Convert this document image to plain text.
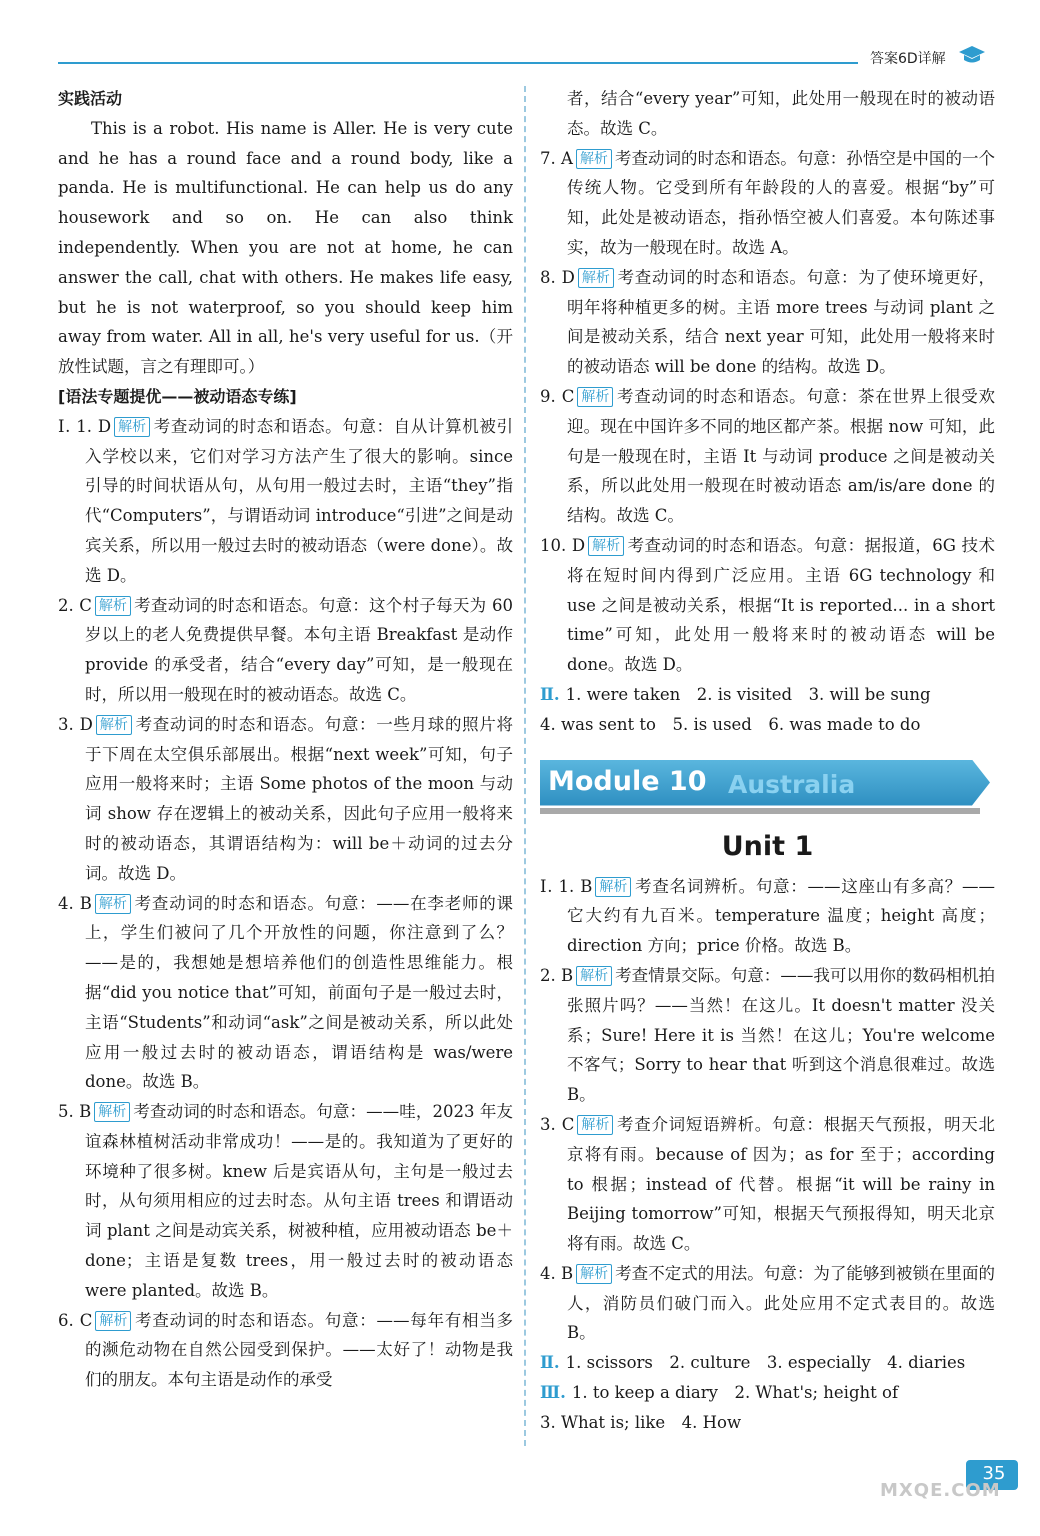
答案6D详解

实践活动

This is a robot. His name is Aller. He is very cute and he has a round face and a round body, like a panda. He is multifunctional. He can help us do any housework and so on. He can also think independently. When you are not at home, he can answer the call, chat with others. He makes life easy, but he is not waterproof, so you should keep him away from water. All in all, he's very useful for us.（开放性试题，言之有理即可。）

[语法专题提优——被动语态专练]

Ⅰ. 1. D 解析 考查动词的时态和语态。句意：自从计算机被引入学校以来，它们对学习方法产生了很大的影响。since 引导的时间状语从句，从句用一般过去时，主语“they”指代“Computers”，与谓语动词 introduce“引进”之间是动宾关系，所以用一般过去时的被动语态（were done）。故选 D。

2. C 解析 考查动词的时态和语态。句意：这个村子每天为 60 岁以上的老人免费提供早餐。本句主语 Breakfast 是动作 provide 的承受者，结合“every day”可知，是一般现在时，所以用一般现在时的被动语态。故选 C。

3. D 解析 考查动词的时态和语态。句意：一些月球的照片将于下周在太空俱乐部展出。根据“next week”可知，句子应用一般将来时；主语 Some photos of the moon 与动词 show 存在逻辑上的被动关系，因此句子应用一般将来时的被动语态，其谓语结构为：will be＋动词的过去分词。故选 D。

4. B 解析 考查动词的时态和语态。句意：——在李老师的课上，学生们被问了几个开放性的问题，你注意到了么？——是的，我想她是想培养他们的创造性思维能力。根据“did you notice that”可知，前面句子是一般过去时，主语“Students”和动词“ask”之间是被动关系，所以此处应用一般过去时的被动语态，谓语结构是 was/were done。故选 B。

5. B 解析 考查动词的时态和语态。句意：——哇，2023 年友谊森林植树活动非常成功！——是的。我知道为了更好的环境种了很多树。knew 后是宾语从句，主句是一般过去时，从句须用相应的过去时态。从句主语 trees 和谓语动词 plant 之间是动宾关系，树被种植，应用被动语态 be＋done；主语是复数 trees，用一般过去时的被动语态 were planted。故选 B。

6. C 解析 考查动词的时态和语态。句意：——每年有相当多的濒危动物在自然公园受到保护。——太好了！动物是我们的朋友。本句主语是动作的承受

者，结合“every year”可知，此处用一般现在时的被动语态。故选 C。

7. A 解析 考查动词的时态和语态。句意：孙悟空是中国的一个传统人物。它受到所有年龄段的人的喜爱。根据“by”可知，此处是被动语态，指孙悟空被人们喜爱。本句陈述事实，故为一般现在时。故选 A。

8. D 解析 考查动词的时态和语态。句意：为了使环境更好，明年将种植更多的树。主语 more trees 与动词 plant 之间是被动关系，结合 next year 可知，此处用一般将来时的被动语态 will be done 的结构。故选 D。

9. C 解析 考查动词的时态和语态。句意：茶在世界上很受欢迎。现在中国许多不同的地区都产茶。根据 now 可知，此句是一般现在时，主语 It 与动词 produce 之间是被动关系，所以此处用一般现在时被动语态 am/is/are done 的结构。故选 C。

10. D 解析 考查动词的时态和语态。句意：据报道，6G 技术将在短时间内得到广泛应用。主语 6G technology 和 use 之间是被动关系，根据“It is reported... in a short time”可知，此处用一般将来时的被动语态 will be done。故选 D。

Ⅱ. 1. were taken　2. is visited　3. will be sung

4. was sent to　5. is used　6. was made to do

Module 10 Australia

Unit 1

Ⅰ. 1. B 解析 考查名词辨析。句意：——这座山有多高？——它大约有九百米。temperature 温度；height 高度；direction 方向；price 价格。故选 B。

2. B 解析 考查情景交际。句意：——我可以用你的数码相机拍张照片吗？——当然！在这儿。It doesn't matter 没关系；Sure! Here it is 当然！在这儿；You're welcome 不客气；Sorry to hear that 听到这个消息很难过。故选 B。

3. C 解析 考查介词短语辨析。句意：根据天气预报，明天北京将有雨。because of 因为；as for 至于；according to 根据；instead of 代替。根据“it will be rainy in Beijing tomorrow”可知，根据天气预报得知，明天北京将有雨。故选 C。

4. B 解析 考查不定式的用法。句意：为了能够到被锁在里面的人，消防员们破门而入。此处应用不定式表目的。故选 B。

Ⅱ. 1. scissors　2. culture　3. especially　4. diaries

Ⅲ. 1. to keep a diary　2. What's; height of

3. What is; like　4. How

35
MXQE.COM
